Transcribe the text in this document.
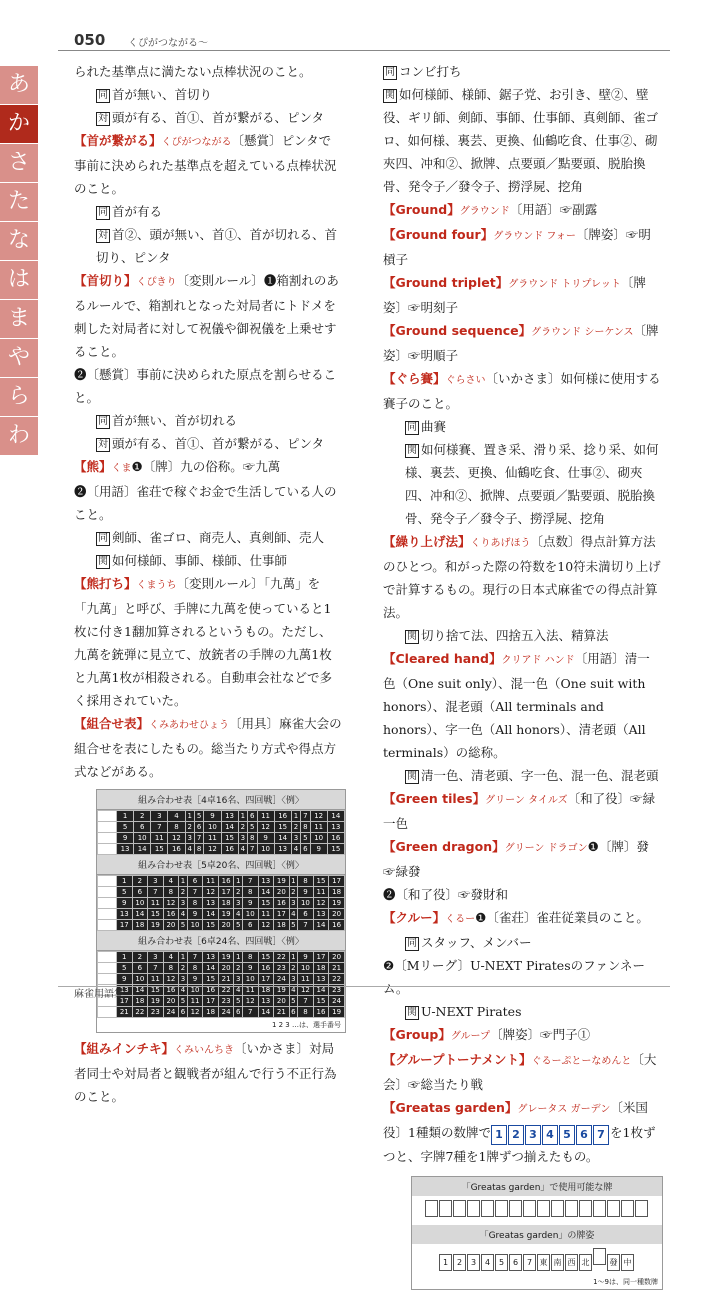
050 くぴがつながる〜
あ
か
さ
た
な
は
ま
や
ら
わ

られた基準点に満たない点棒状況のこと。

同 首が無い、首切り

対 頭が有る、首①、首が繋がる、ピンタ

【首が繋がる】くぴがつながる〔懸賞〕ピンタで事前に決められた基準点を超えている点棒状況のこと。

同 首が有る

対 首②、頭が無い、首①、首が切れる、首切り、ピンタ

【首切り】くぴきり〔変則ルール〕❶箱割れのあるルールで、箱割れとなった対局者にトドメを刺した対局者に対して祝儀や御祝儀を上乗せすること。

❷〔懸賞〕事前に決められた原点を割らせること。

同 首が無い、首が切れる

対 頭が有る、首①、首が繋がる、ピンタ

【熊】くま❶〔牌〕九の俗称。☞九萬

❷〔用語〕雀荘で稼ぐお金で生活している人のこと。

同 剣師、雀ゴロ、商売人、真剣師、売人

関 如何様師、事師、様師、仕事師

【熊打ち】くまうち〔変則ルール〕「九萬」を「九萬」と呼び、手牌に九萬を使っていると1枚に付き1翻加算されるというもの。ただし、九萬を銃弾に見立て、放銃者の手牌の九萬1枚と九萬1枚が相殺される。自動車会社などで多く採用されていた。

【組合せ表】くみあわせひょう〔用具〕麻雀大会の組合せを表にしたもの。総当たり方式や得点方式などがある。

組み合わせ表［4卓16名、四回戦］〈例〉
	1	2	3	4	1	5	9	13	1	6	11	16	1	7	12	14
	5	6	7	8	2	6	10	14	2	5	12	15	2	8	11	13
	9	10	11	12	3	7	11	15	3	8	9	14	3	5	10	16
	13	14	15	16	4	8	12	16	4	7	10	13	4	6	9	15
組み合わせ表［5卓20名、四回戦］〈例〉
	1	2	3	4	1	6	11	16	1	7	13	19	1	8	15	17
	5	6	7	8	2	7	12	17	2	8	14	20	2	9	11	18
	9	10	11	12	3	8	13	18	3	9	15	16	3	10	12	19
	13	14	15	16	4	9	14	19	4	10	11	17	4	6	13	20
	17	18	19	20	5	10	15	20	5	6	12	18	5	7	14	16
組み合わせ表［6卓24名、四回戦］〈例〉
	1	2	3	4	1	7	13	19	1	8	15	22	1	9	17	20
	5	6	7	8	2	8	14	20	2	9	16	23	2	10	18	21
	9	10	11	12	3	9	15	21	3	10	17	24	3	11	13	22
	13	14	15	16	4	10	16	22	4	11	18	19	4	12	14	23
	17	18	19	20	5	11	17	23	5	12	13	20	5	7	15	24
	21	22	23	24	6	12	18	24	6	7	14	21	6	8	16	19
1 2 3 …は、選手番号

【組みインチキ】くみいんちき〔いかさま〕対局者同士や対局者と観戦者が組んで行う不正行為のこと。

同 コンビ打ち

関 如何様師、様師、鋸子党、お引き、壁②、壁役、ギリ師、剣師、事師、仕事師、真剣師、雀ゴロ、如何様、裏芸、更換、仙鶴吃食、仕事②、砌夾四、冲和②、掀牌、点要頭／點要頭、脱胎換骨、発令子／發令子、撈浮屍、挖角

【Ground】グラウンド〔用語〕☞副露

【Ground four】グラウンド フォー〔牌姿〕☞明槓子

【Ground triplet】グラウンド トリプレット〔牌姿〕☞明刻子

【Ground sequence】グラウンド シーケンス〔牌姿〕☞明順子

【ぐら賽】ぐらさい〔いかさま〕如何様に使用する賽子のこと。

同 曲賽

関 如何様賽、置き采、滑り采、捻り采、如何様、裏芸、更換、仙鶴吃食、仕事②、砌夾四、冲和②、掀牌、点要頭／點要頭、脱胎換骨、発令子／發令子、撈浮屍、挖角

【繰り上げ法】くりあげほう〔点数〕得点計算方法のひとつ。和がった際の符数を10符未満切り上げで計算するもの。現行の日本式麻雀での得点計算法。

関 切り捨て法、四捨五入法、精算法

【Cleared hand】クリアド ハンド〔用語〕清一色（One suit only）、混一色（One suit with honors）、混老頭（All terminals and honors）、字一色（All honors）、清老頭（All terminals）の総称。

関 清一色、清老頭、字一色、混一色、混老頭

【Green tiles】グリーン タイルズ〔和了役〕☞緑一色

【Green dragon】グリーン ドラゴン❶〔牌〕發☞緑發

❷〔和了役〕☞發財和

【クルー】くるー❶〔雀荘〕雀荘従業員のこと。

同 スタッフ、メンバー

❷〔Mリーグ〕U-NEXT Piratesのファンネーム。

関 U-NEXT Pirates

【Group】グループ〔牌姿〕☞門子①

【グループトーナメント】ぐるーぷとーなめんと〔大会〕☞総当たり戦

【Greatas garden】グレータス ガーデン〔米国役〕1種類の数牌で 1 2 3 4 5 6 7 を1枚ずつと、字牌7種を1牌ずつ揃えたもの。

「Greatas garden」で使用可能な牌
「Greatas garden」の牌姿
1 2 3 4 5 6 7 東 南 西 北	發 中
1〜9は、同一種数牌
麻雀用語集
